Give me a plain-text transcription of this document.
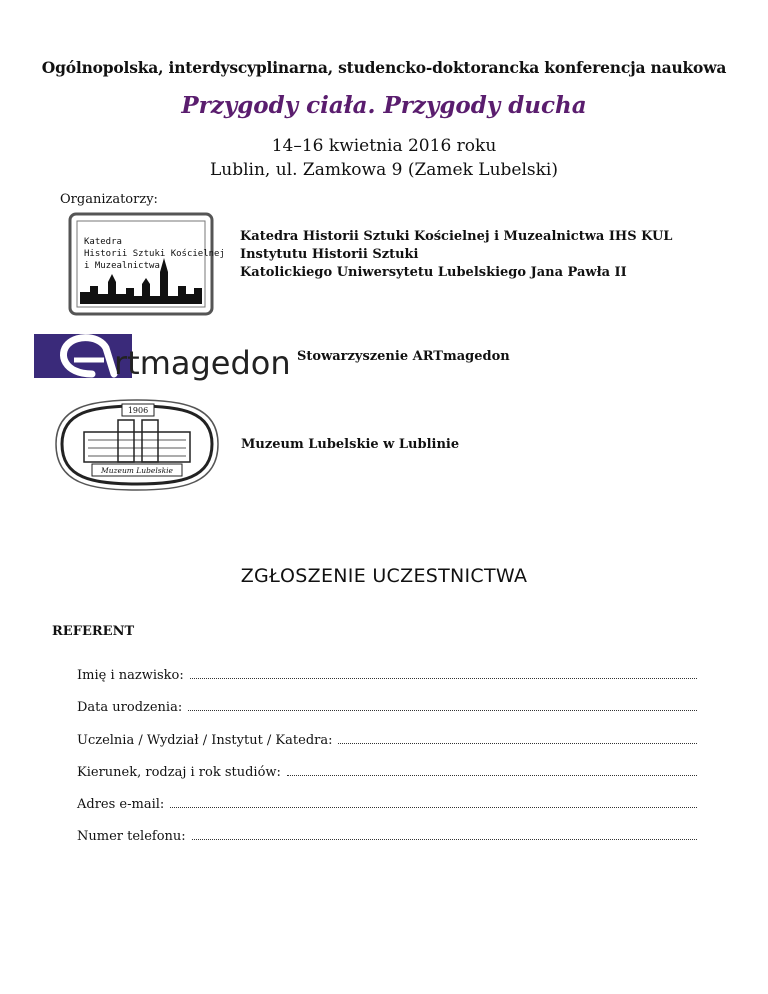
Ogólnopolska, interdyscyplinarna, studencko-doktorancka konferencja naukowa
Przygody ciała. Przygody ducha
14–16 kwietnia 2016 roku
Lublin, ul. Zamkowa 9 (Zamek Lubelski)
Organizatorzy:
Katedra
Historii Sztuki Kościelnej
i Muzealnictwa
Katedra Historii Sztuki Kościelnej i Muzealnictwa IHS KUL
Instytutu Historii Sztuki
Katolickiego Uniwersytetu Lubelskiego Jana Pawła II
rtmagedon Stowarzyszenie ARTmagedon
1906
Muzeum Lubelskie
Muzeum Lubelskie w Lublinie
ZGŁOSZENIE UCZESTNICTWA
REFERENT
Imię i nazwisko:
Data urodzenia:
Uczelnia / Wydział / Instytut / Katedra:
Kierunek, rodzaj i rok studiów:
Adres e-mail:
Numer telefonu:
